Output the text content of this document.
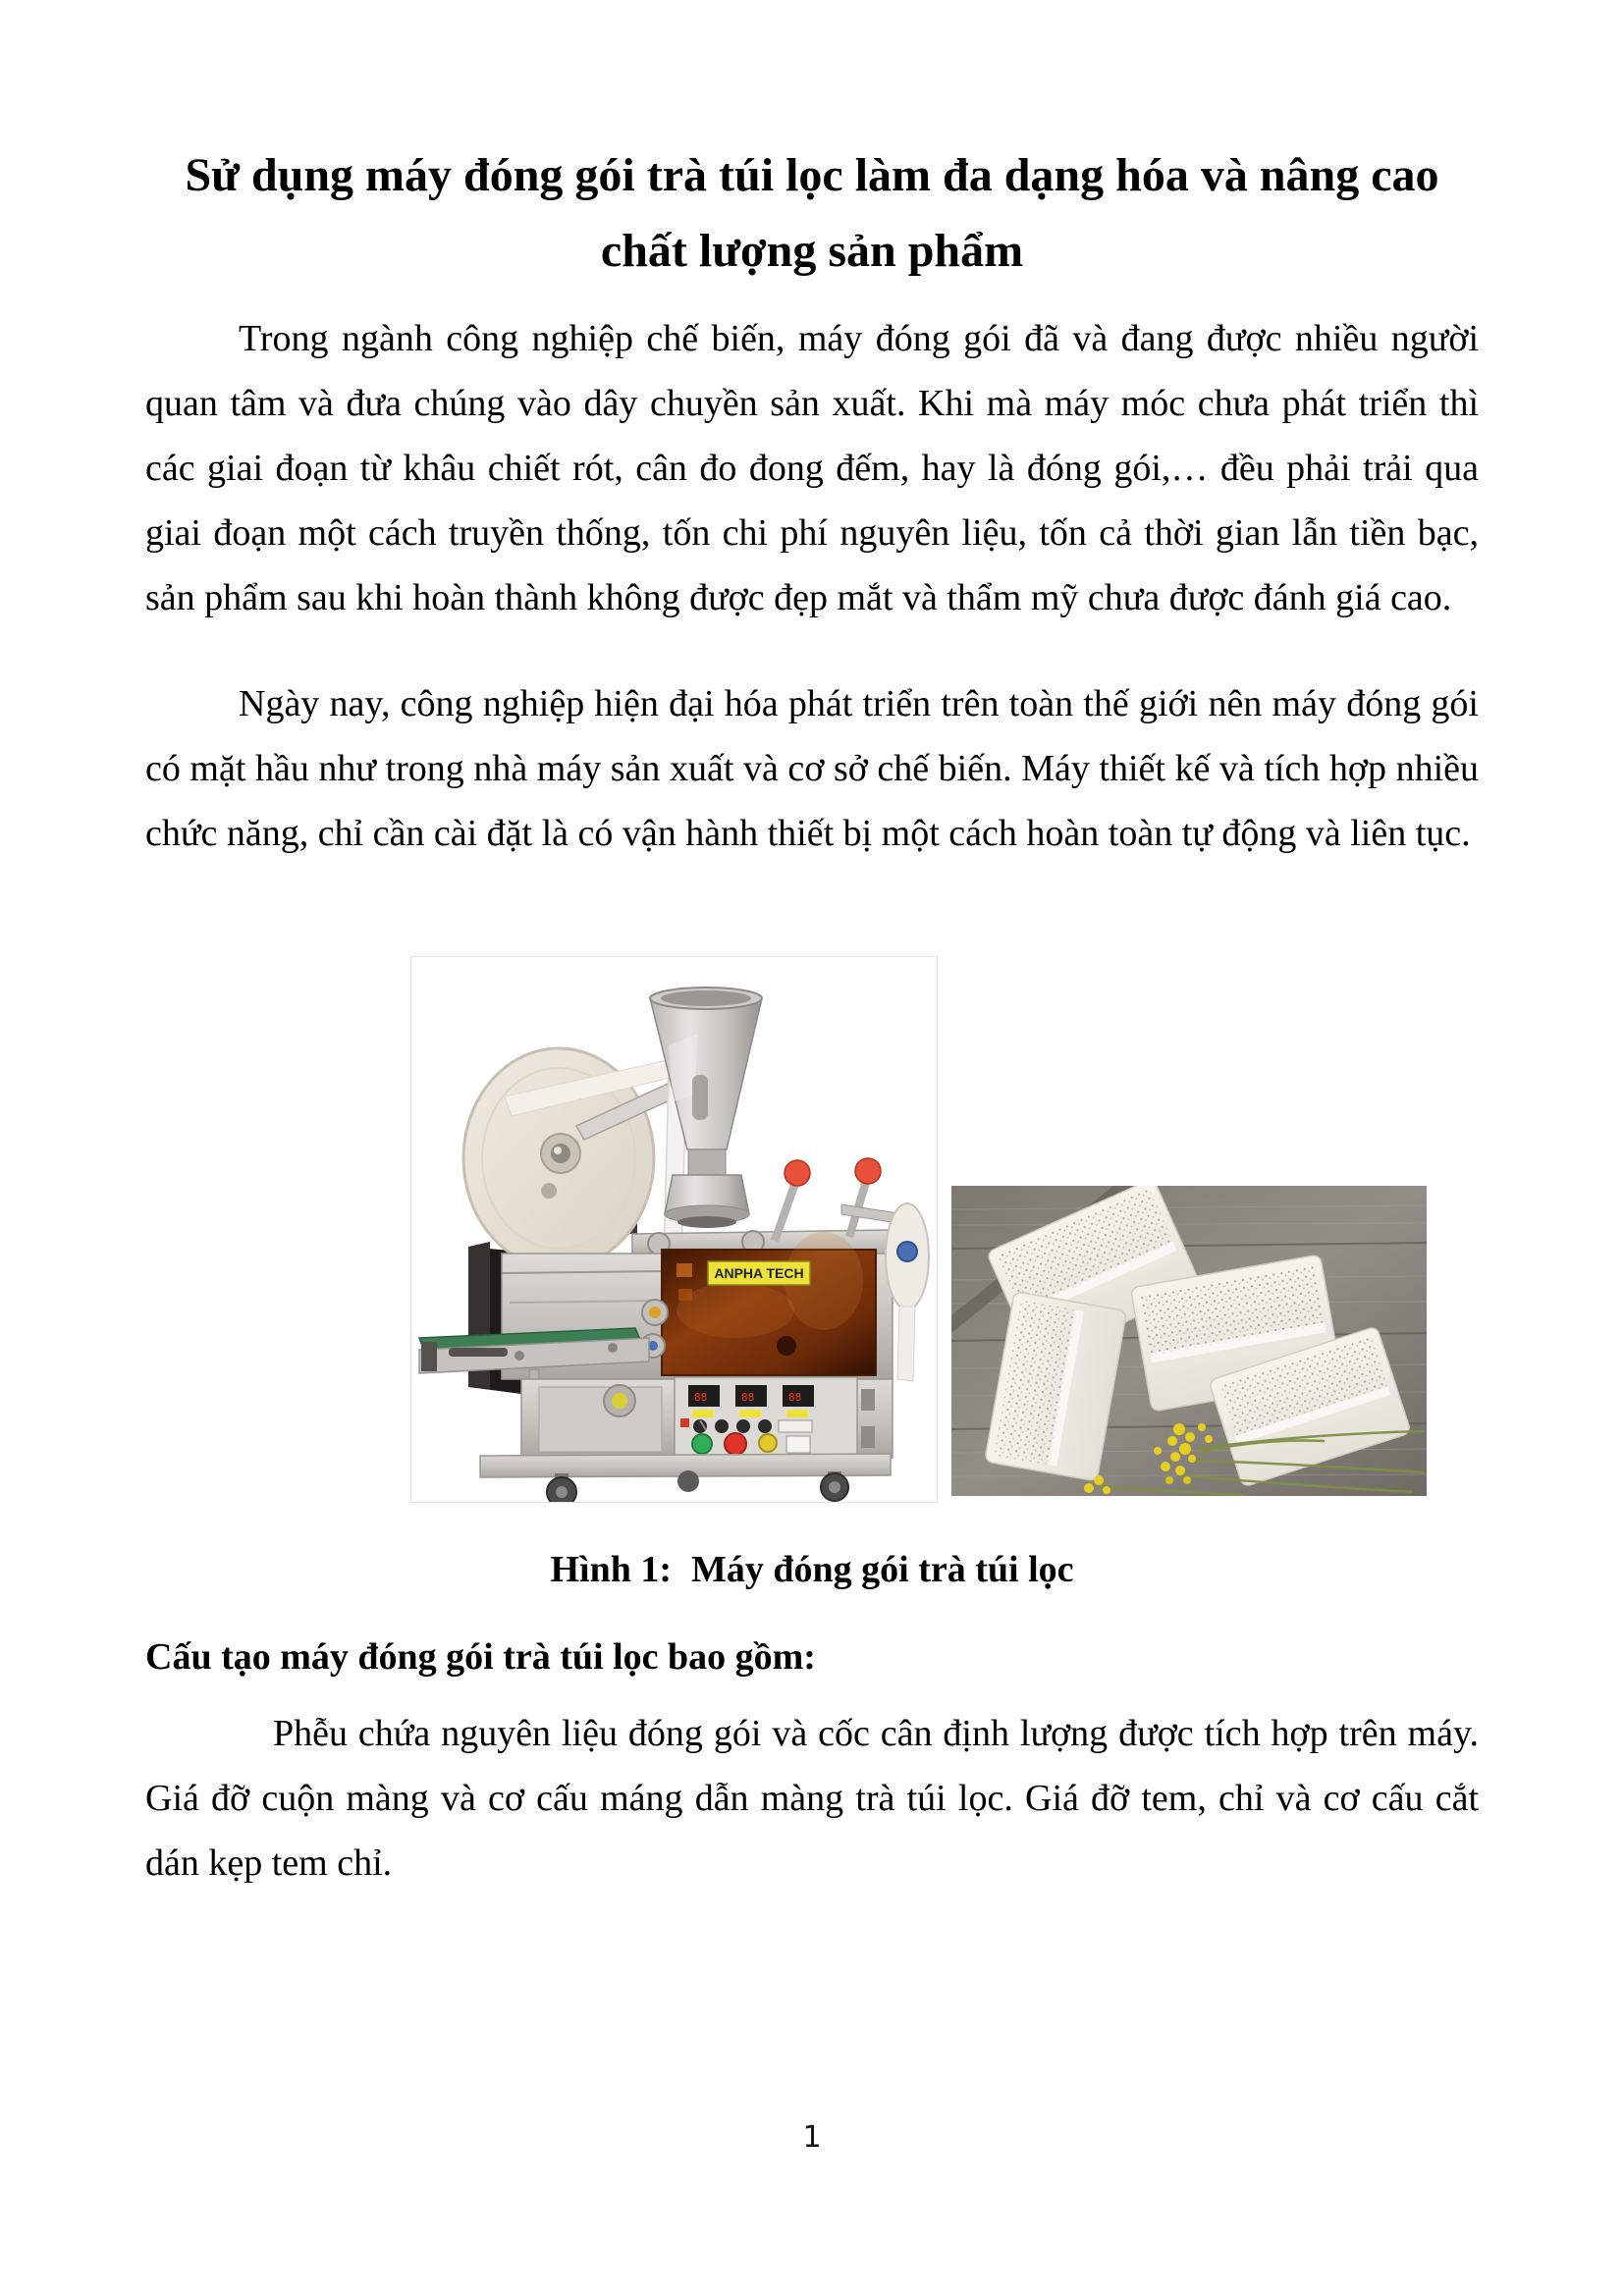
Sử dụng máy đóng gói trà túi lọc làm đa dạng hóa và nâng cao chất lượng sản phẩm
Trong ngành công nghiệp chế biến, máy đóng gói đã và đang được nhiều người quan tâm và đưa chúng vào dây chuyền sản xuất. Khi mà máy móc chưa phát triển thì các giai đoạn từ khâu chiết rót, cân đo đong đếm, hay là đóng gói,… đều phải trải qua giai đoạn một cách truyền thống, tốn chi phí nguyên liệu, tốn cả thời gian lẫn tiền bạc, sản phẩm sau khi hoàn thành không được đẹp mắt và thẩm mỹ chưa được đánh giá cao.
Ngày nay, công nghiệp hiện đại hóa phát triển trên toàn thế giới nên máy đóng gói có mặt hầu như trong nhà máy sản xuất và cơ sở chế biến. Máy thiết kế và tích hợp nhiều chức năng, chỉ cần cài đặt là có vận hành thiết bị một cách hoàn toàn tự động và liên tục.
ANPHA TECH
88	88	88
Hình 1: Máy đóng gói trà túi lọc
Cấu tạo máy đóng gói trà túi lọc bao gồm:
Phễu chứa nguyên liệu đóng gói và cốc cân định lượng được tích hợp trên máy. Giá đỡ cuộn màng và cơ cấu máng dẫn màng trà túi lọc. Giá đỡ tem, chỉ và cơ cấu cắt dán kẹp tem chỉ.
1
